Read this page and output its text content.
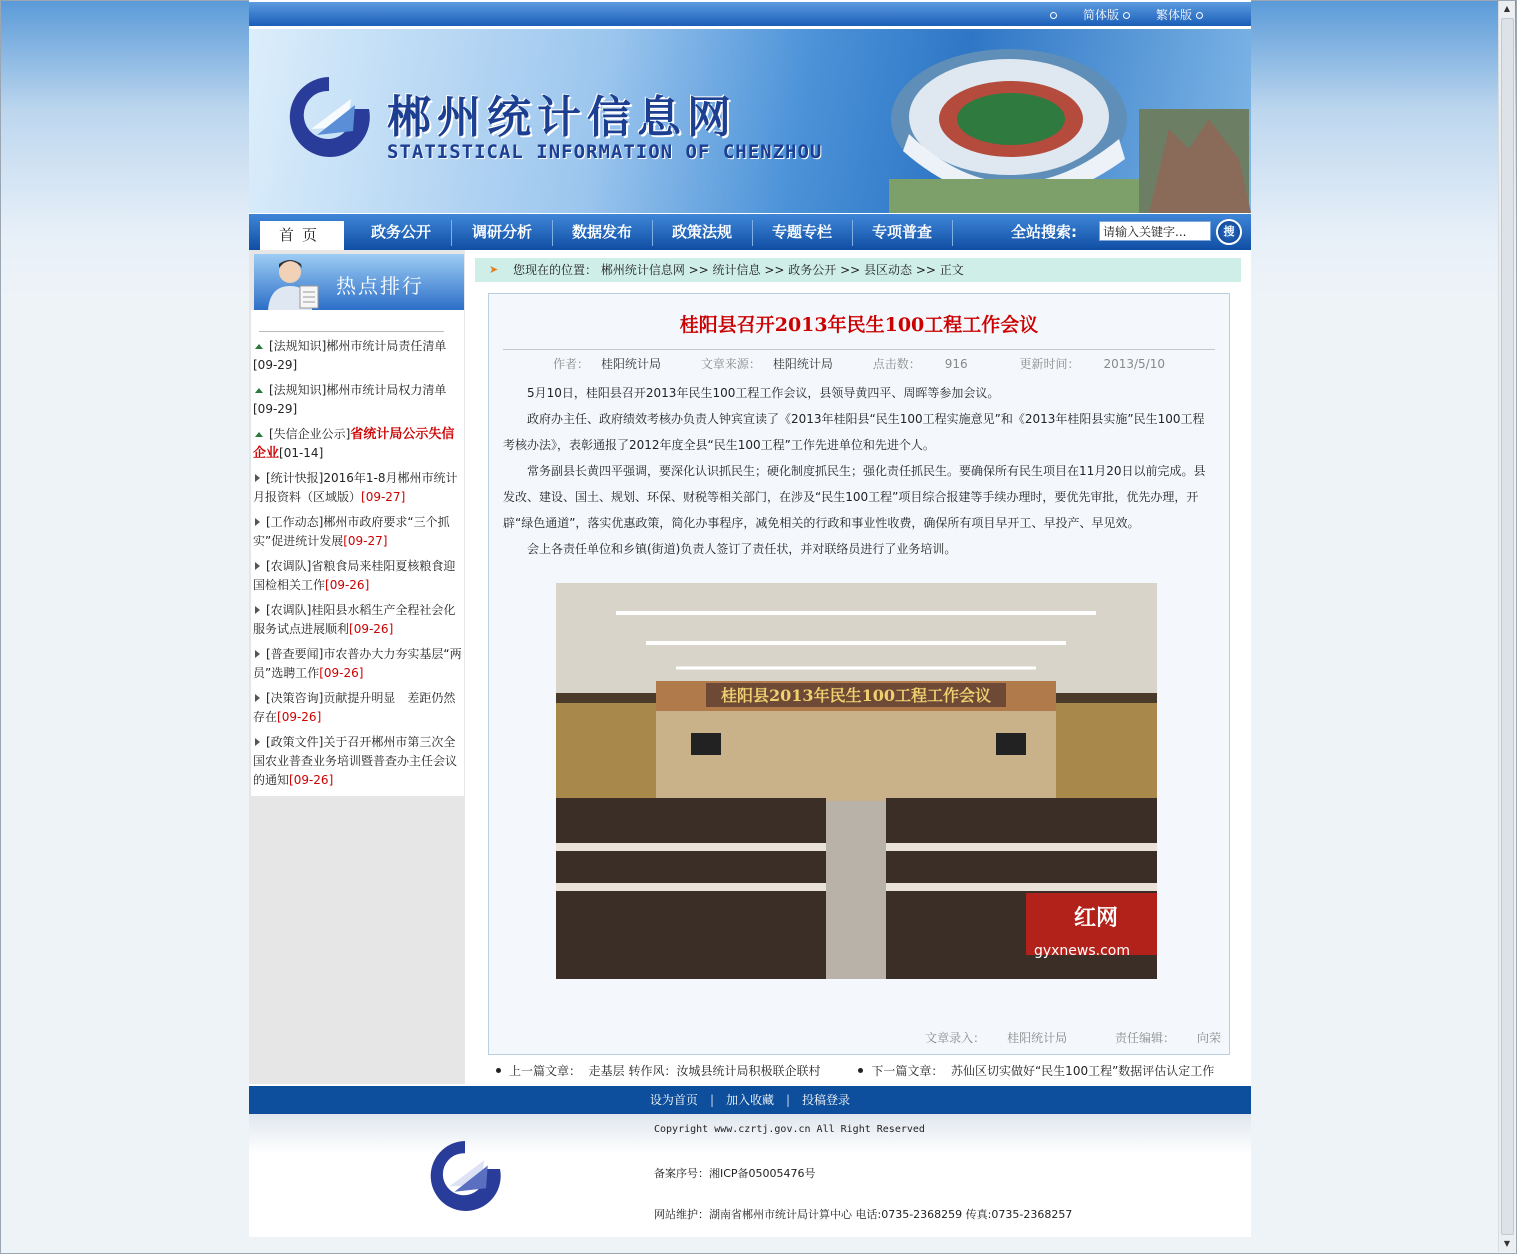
▲
▼
简体版	繁体版
郴州统计信息网
STATISTICAL INFORMATION OF CHENZHOU
首页	政务公开	调研分析	数据发布	政策法规	专题专栏	专项普查	全站搜索:
请输入关键字...	搜
热点排行
[法规知识]郴州市统计局责任清单[09-29]
[法规知识]郴州市统计局权力清单[09-29]
[失信企业公示]省统计局公示失信企业[01-14]
[统计快报]2016年1-8月郴州市统计月报资料（区域版）[09-27]
[工作动态]郴州市政府要求“三个抓实”促进统计发展[09-27]
[农调队]省粮食局来桂阳夏核粮食迎国检相关工作[09-26]
[农调队]桂阳县水稻生产全程社会化服务试点进展顺利[09-26]
[普查要闻]市农普办大力夯实基层“两员”选聘工作[09-26]
[决策咨询]贡献提升明显　差距仍然存在[09-26]
[政策文件]关于召开郴州市第三次全国农业普查业务培训暨普查办主任会议的通知[09-26]
➤ 您现在的位置： 郴州统计信息网 >> 统计信息 >> 政务公开 >> 县区动态 >> 正文
桂阳县召开2013年民生100工程工作会议
作者： 桂阳统计局	文章来源： 桂阳统计局	点击数： 916	更新时间： 2013/5/10

5月10日，桂阳县召开2013年民生100工程工作会议，县领导黄四平、周晖等参加会议。

政府办主任、政府绩效考核办负责人钟宾宣读了《2013年桂阳县“民生100工程实施意见”和《2013年桂阳县实施”民生100工程考核办法》，表彰通报了2012年度全县“民生100工程”工作先进单位和先进个人。

常务副县长黄四平强调，要深化认识抓民生；硬化制度抓民生；强化责任抓民生。要确保所有民生项目在11月20日以前完成。县发改、建设、国土、规划、环保、财税等相关部门，在涉及“民生100工程”项目综合报建等手续办理时，要优先审批，优先办理，开辟“绿色通道”，落实优惠政策，简化办事程序，减免相关的行政和事业性收费，确保所有项目早开工、早投产、早见效。

会上各责任单位和乡镇(街道)负责人签订了责任状，并对联络员进行了业务培训。

桂阳县2013年民生100工程工作会议
红网
gyxnews.com
文章录入： 桂阳统计局	责任编辑： 向荣
上一篇文章： 走基层 转作风：汝城县统计局积极联企联村	下一篇文章： 苏仙区切实做好“民生100工程”数据评估认定工作
设为首页 | 加入收藏 | 投稿登录
Copyright www.czrtj.gov.cn All Right Reserved
备案序号：湘ICP备05005476号
网站维护：湖南省郴州市统计局计算中心 电话:0735-2368259 传真:0735-2368257
